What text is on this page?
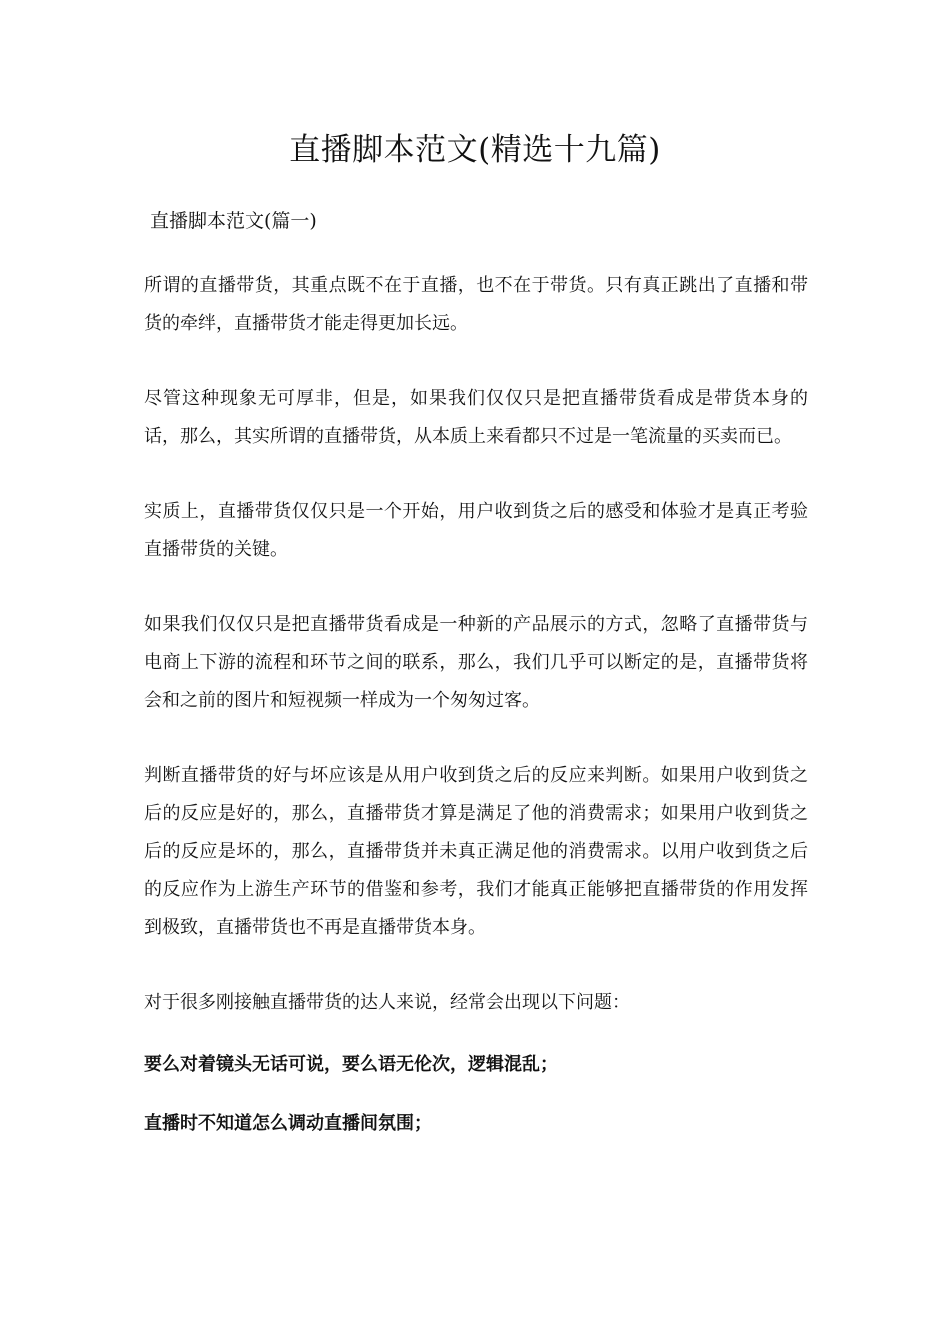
直播脚本范文(精选十九篇)
直播脚本范文(篇一)

所谓的直播带货，其重点既不在于直播，也不在于带货。只有真正跳出了直播和带货的牵绊，直播带货才能走得更加长远。

尽管这种现象无可厚非，但是，如果我们仅仅只是把直播带货看成是带货本身的话，那么，其实所谓的直播带货，从本质上来看都只不过是一笔流量的买卖而已。

实质上，直播带货仅仅只是一个开始，用户收到货之后的感受和体验才是真正考验直播带货的关键。

如果我们仅仅只是把直播带货看成是一种新的产品展示的方式，忽略了直播带货与电商上下游的流程和环节之间的联系，那么，我们几乎可以断定的是，直播带货将会和之前的图片和短视频一样成为一个匆匆过客。

判断直播带货的好与坏应该是从用户收到货之后的反应来判断。如果用户收到货之后的反应是好的，那么，直播带货才算是满足了他的消费需求；如果用户收到货之后的反应是坏的，那么，直播带货并未真正满足他的消费需求。以用户收到货之后的反应作为上游生产环节的借鉴和参考，我们才能真正能够把直播带货的作用发挥到极致，直播带货也不再是直播带货本身。

对于很多刚接触直播带货的达人来说，经常会出现以下问题：

要么对着镜头无话可说，要么语无伦次，逻辑混乱；

直播时不知道怎么调动直播间氛围；
